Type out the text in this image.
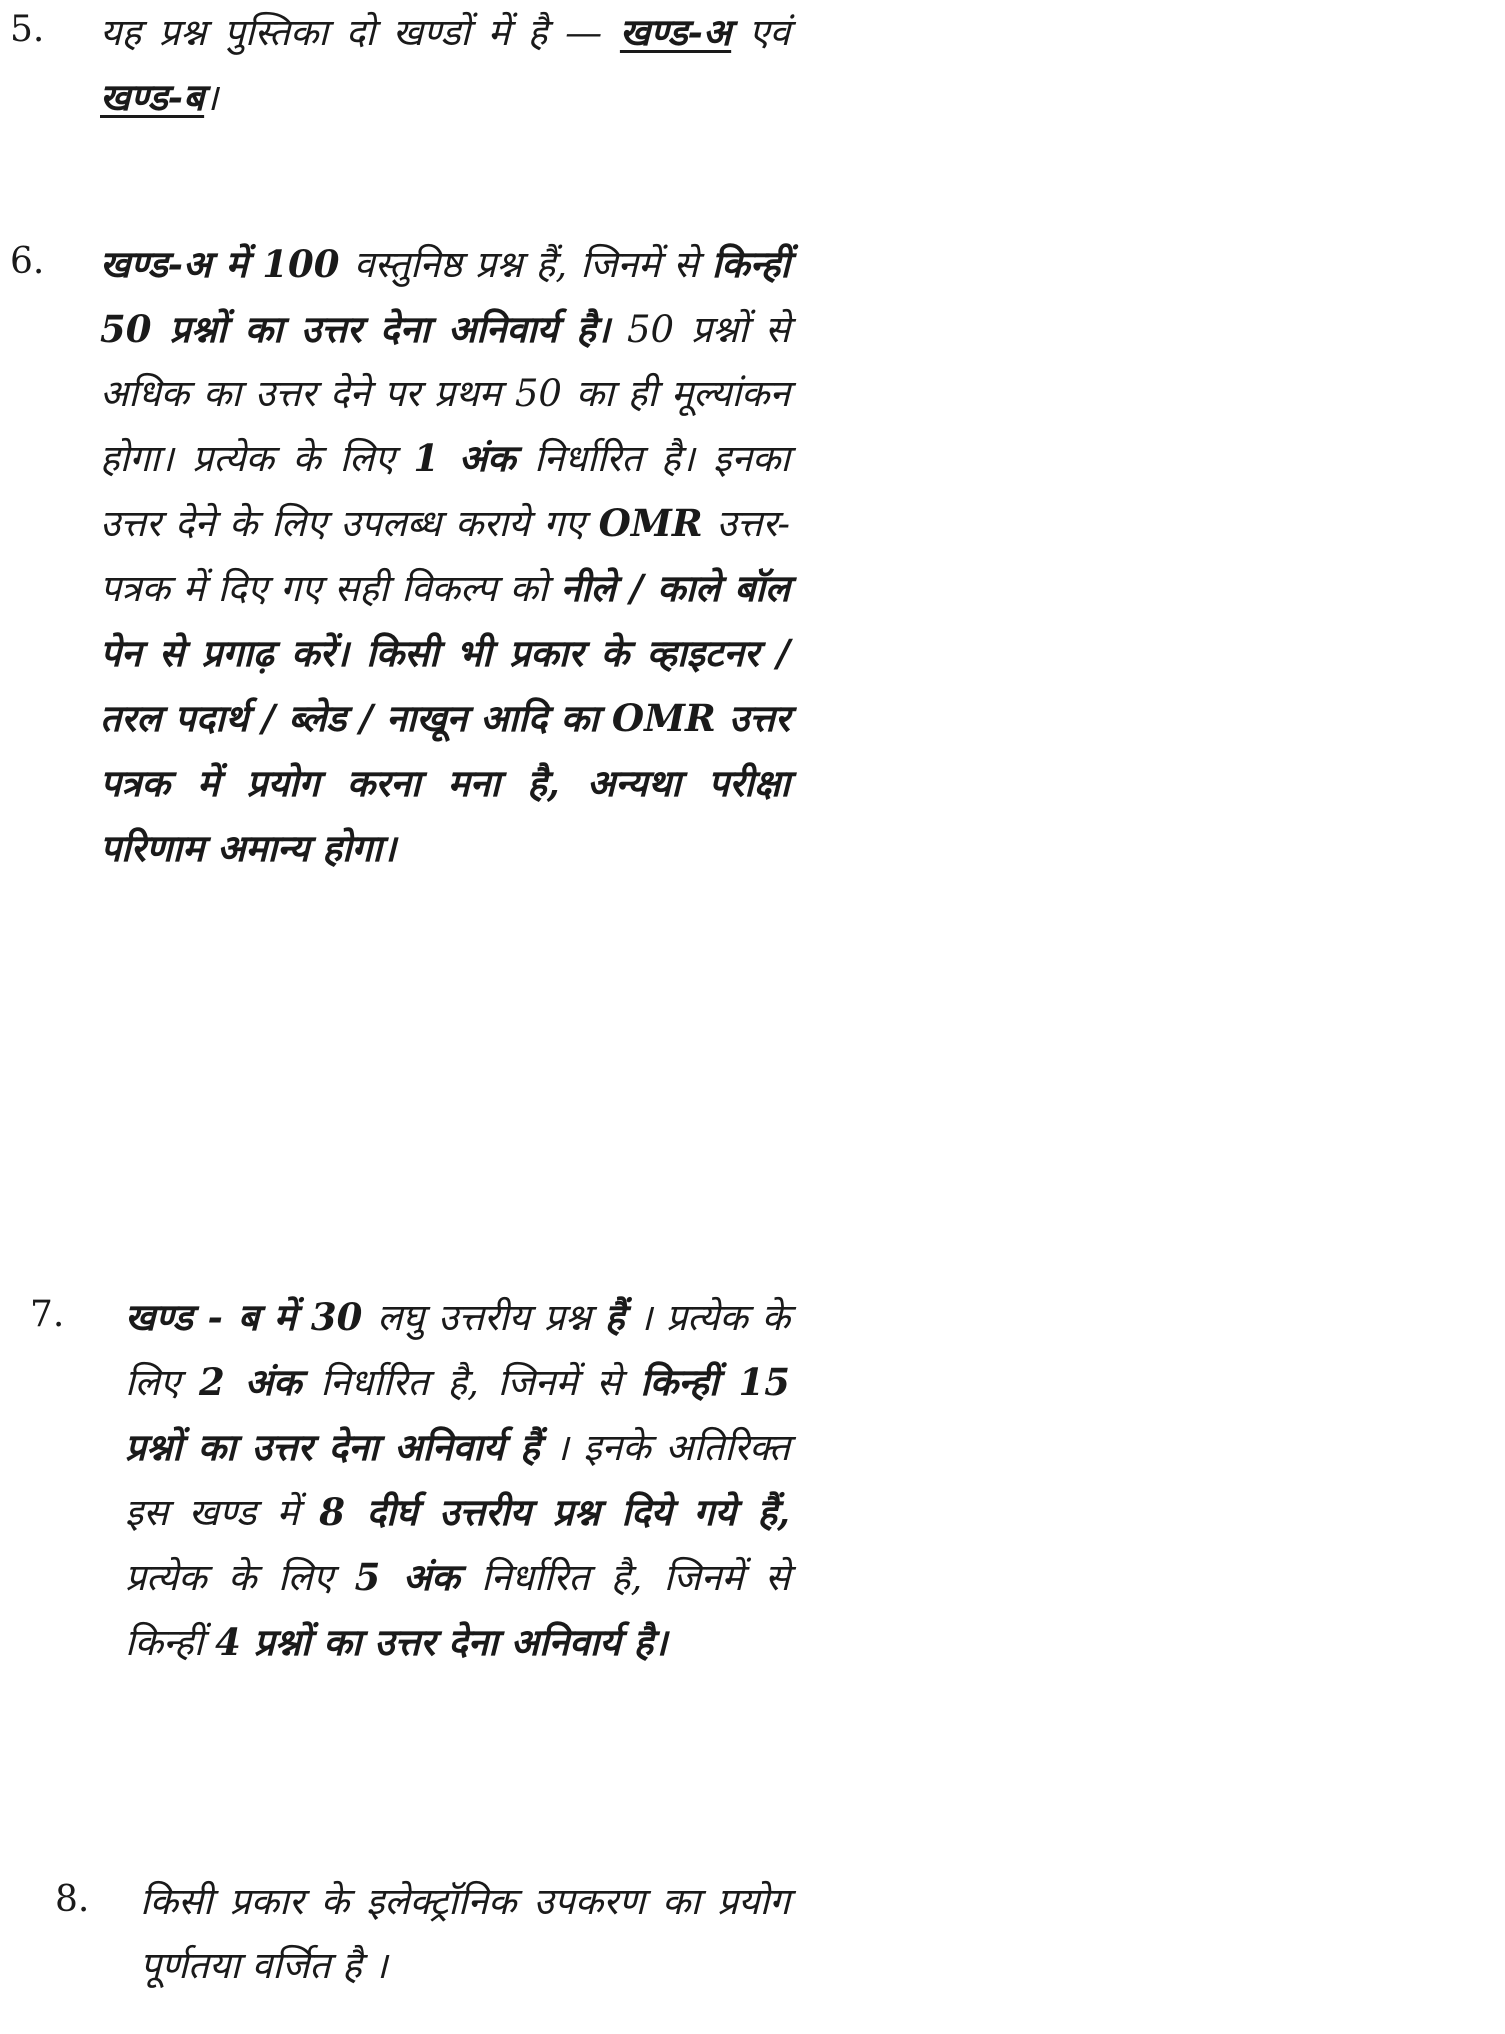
5. यह प्रश्न पुस्तिका दो खण्डों में है — खण्ड-अ एवं खण्ड-ब।
6. खण्ड-अ में 100 वस्तुनिष्ठ प्रश्न हैं, जिनमें से किन्हीं 50 प्रश्नों का उत्तर देना अनिवार्य है। 50 प्रश्नों से अधिक का उत्तर देने पर प्रथम 50 का ही मूल्यांकन होगा। प्रत्येक के लिए 1 अंक निर्धारित है। इनका उत्तर देने के लिए उपलब्ध कराये गए OMR उत्तर-पत्रक में दिए गए सही विकल्प को नीले / काले बॉल पेन से प्रगाढ़ करें। किसी भी प्रकार के व्हाइटनर / तरल पदार्थ / ब्लेड / नाखून आदि का OMR उत्तर पत्रक में प्रयोग करना मना है, अन्यथा परीक्षा परिणाम अमान्य होगा।
7. खण्ड - ब में 30 लघु उत्तरीय प्रश्न हैं । प्रत्येक के लिए 2 अंक निर्धारित है, जिनमें से किन्हीं 15 प्रश्नों का उत्तर देना अनिवार्य हैं । इनके अतिरिक्त इस खण्ड में 8 दीर्घ उत्तरीय प्रश्न दिये गये हैं, प्रत्येक के लिए 5 अंक निर्धारित है, जिनमें से किन्हीं 4 प्रश्नों का उत्तर देना अनिवार्य है।
8. किसी प्रकार के इलेक्ट्रॉनिक उपकरण का प्रयोग पूर्णतया वर्जित है ।
